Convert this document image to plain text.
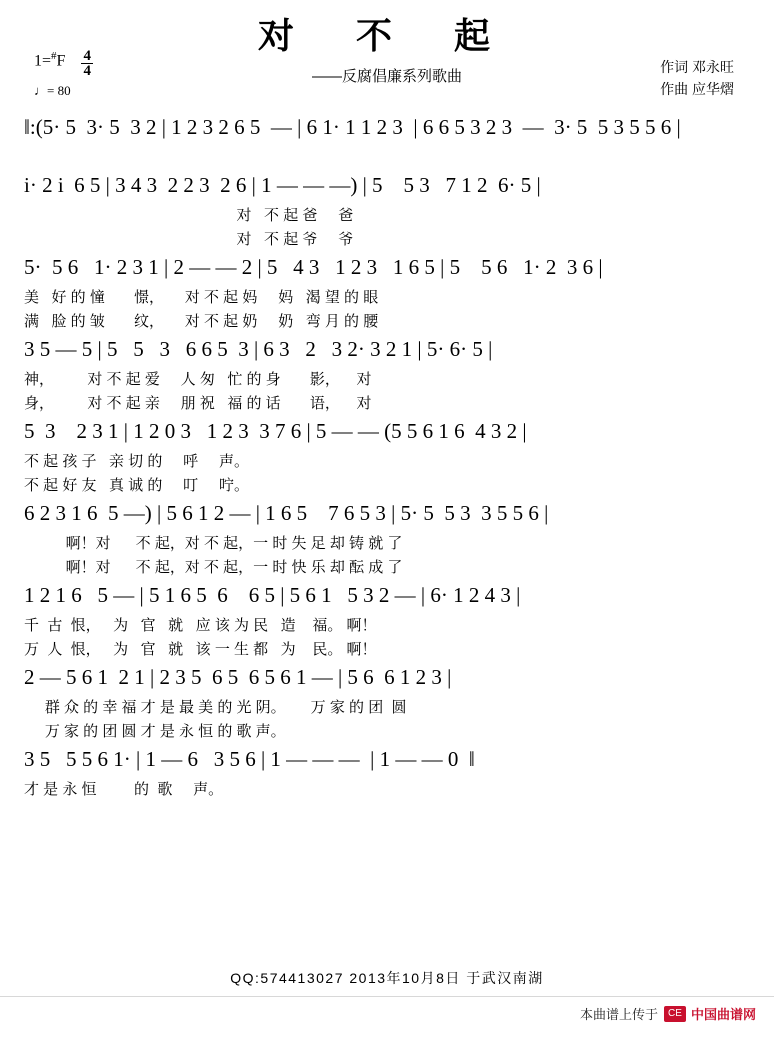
对 不 起
——反腐倡廉系列歌曲
作词 邓永旺
作曲 应华熠
$1=^{\#}F \frac{4}{4}$
♩= 80
‖:(5· 5  3· 5  3 2 | 1 2 3 2 6 5  — | 6 1· 1 1 2 3  | 6 6 5 3 2 3  —  3· 5  5 3 5 5 6 |
i· 2 i  6 5 | 3 4 3  2 2 3  2 6 | 1 — — —) | 5    5 3   7 1 2  6· 5 |
对   不 起 爸     爸
对   不 起 爷     爷
5·  5 6   1· 2 3 1 | 2 — — 2 | 5   4 3   1 2 3   1 6 5 | 5    5 6   1· 2  3 6 |
美   好 的 憧       憬，     对 不 起 妈     妈   渴 望 的 眼
满   脸 的 皱       纹，     对 不 起 奶     奶   弯 月 的 腰
3 5 — 5 | 5   5   3   6 6 5  3 | 6 3   2   3 2· 3 2 1 | 5· 6· 5 |
神，        对 不 起 爱     人 匆   忙 的 身       影，    对
身，        对 不 起 亲     朋 祝   福 的 话       语，    对
5  3    2 3 1 | 1 2 0 3   1 2 3  3 7 6 | 5 — — (5 5 6 1 6  4 3 2 |
不 起 孩 子   亲 切 的     呼     声。
不 起 好 友   真 诚 的     叮     咛。
6 2 3 1 6  5 —) | 5 6 1 2 — | 1 6 5    7 6 5 3 | 5· 5  5 3  3 5 5 6 |
啊！对      不 起，对 不 起，一 时 失 足 却 铸 就 了
啊！对      不 起，对 不 起，一 时 快 乐 却 酝 成 了
1 2 1 6   5 — | 5 1 6 5  6    6 5 | 5 6 1   5 3 2 — | 6· 1 2 4 3 |
千  古  恨，   为   官   就   应 该 为 民   造    福。 啊！
万  人  恨，   为   官   就   该 一 生 都   为    民。 啊！
2 — 5 6 1  2 1 | 2 3 5  6 5  6 5 6 1 — | 5 6  6 1 2 3 |
群 众 的 幸 福 才 是 最 美 的 光 阴。      万 家 的 团  圆
万 家 的 团 圆 才 是 永 恒 的 歌 声。
3 5   5 5 6 1· | 1 — 6   3 5 6 | 1 — — —  | 1 — — 0  ‖
才 是 永 恒         的  歌     声。
QQ:574413027 2013年10月8日 于武汉南湖
本曲谱上传于	CE 中国曲谱网
